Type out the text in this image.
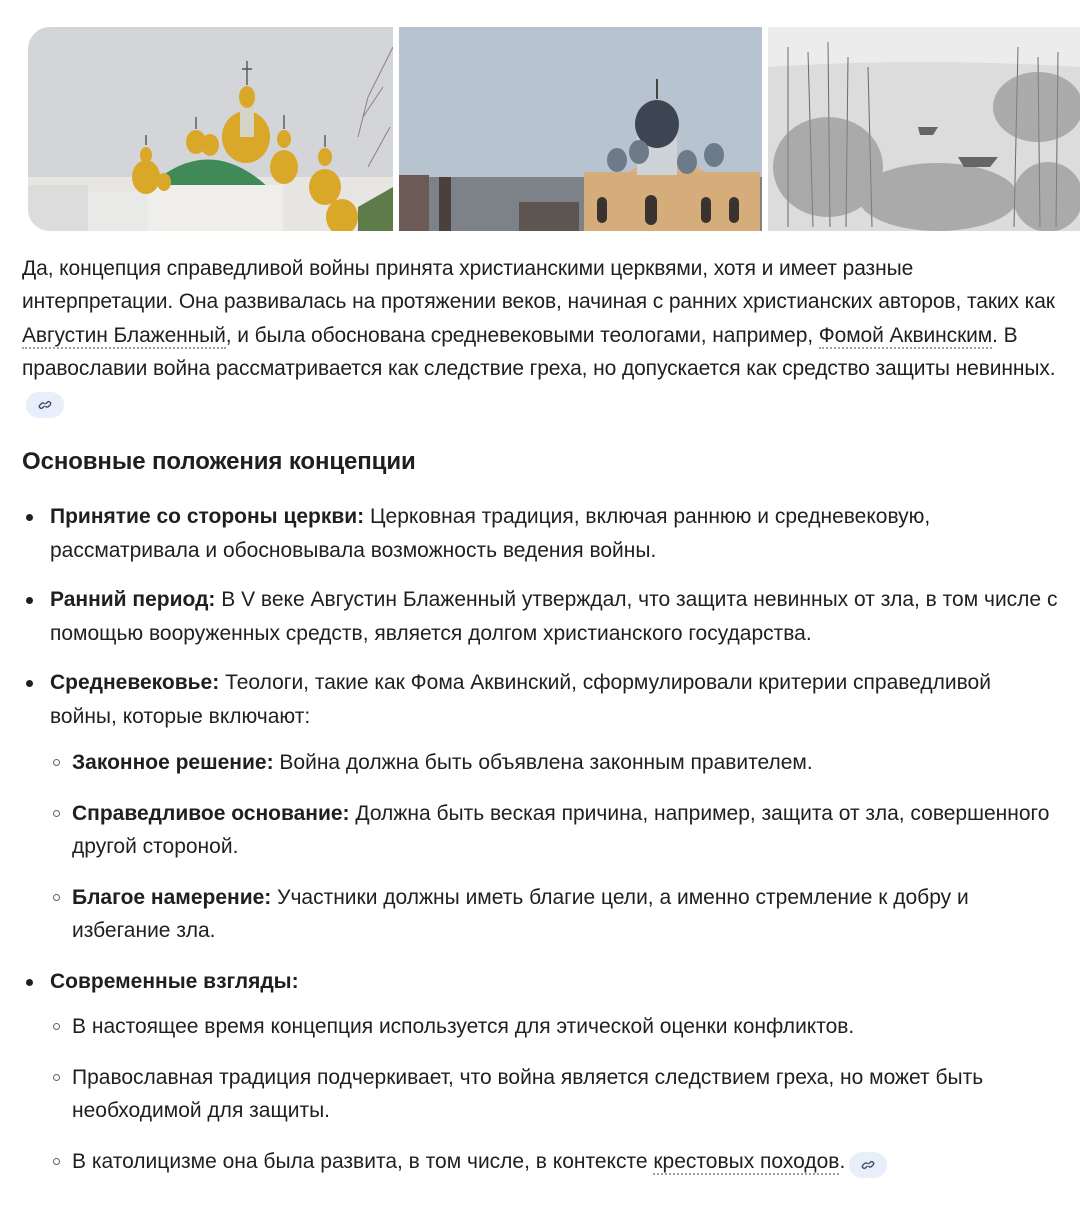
Да, концепция справедливой войны принята христианскими церквями, хотя и имеет разные интерпретации. Она развивалась на протяжении веков, начиная с ранних христианских авторов, таких как Августин Блаженный, и была обоснована средневековыми теологами, например, Фомой Аквинским. В православии война рассматривается как следствие греха, но допускается как средство защиты невинных.

Основные положения концепции
Принятие со стороны церкви: Церковная традиция, включая раннюю и средневековую, рассматривала и обосновывала возможность ведения войны.
Ранний период: В V веке Августин Блаженный утверждал, что защита невинных от зла, в том числе с помощью вооруженных средств, является долгом христианского государства.
Средневековье: Теологи, такие как Фома Аквинский, сформулировали критерии справедливой войны, которые включают:
Законное решение: Война должна быть объявлена законным правителем.
Справедливое основание: Должна быть веская причина, например, защита от зла, совершенного другой стороной.
Благое намерение: Участники должны иметь благие цели, а именно стремление к добру и избегание зла.
Современные взгляды:
В настоящее время концепция используется для этической оценки конфликтов.
Православная традиция подчеркивает, что война является следствием греха, но может быть необходимой для защиты.
В католицизме она была развита, в том числе, в контексте крестовых походов.
